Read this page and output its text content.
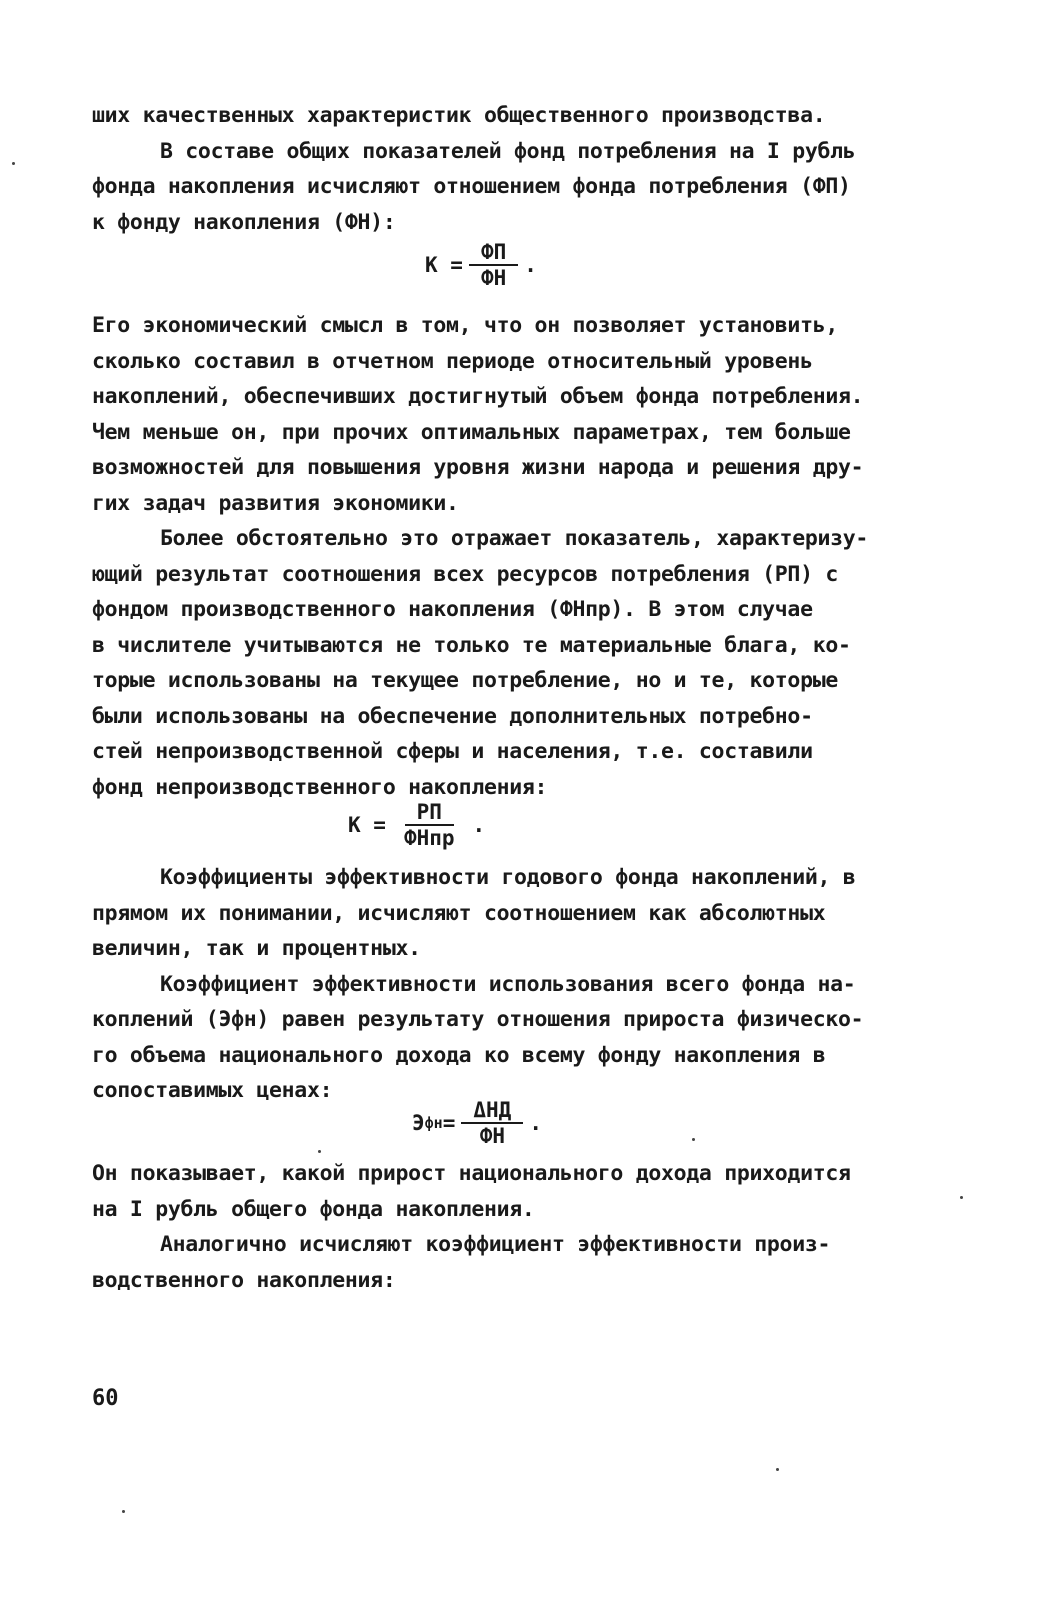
ших качественных характеристик общественного производства.
В составе общих показателей фонд потребления на I рубль
фонда накопления исчисляют отношением фонда потребления (ФП)
к фонду накопления (ФН):
$К = \frac{ФП}{ФН}$ .
Его экономический смысл в том, что он позволяет установить,
сколько составил в отчетном периоде относительный уровень
накоплений, обеспечивших достигнутый объем фонда потребления.
Чем меньше он, при прочих оптимальных параметрах, тем больше
возможностей для повышения уровня жизни народа и решения дру-
гих задач развития экономики.
Более обстоятельно это отражает показатель, характеризу-
ющий результат соотношения всех ресурсов потребления (РП) с
фондом производственного накопления (ФНпр). В этом случае
в числителе учитываются не только те материальные блага, ко-
торые использованы на текущее потребление, но и те, которые
были использованы на обеспечение дополнительных потребно-
стей непроизводственной сферы и населения, т.е. составили
фонд непроизводственного накопления:
$К = \frac{РП}{\text{ФНпр}}$ .
Коэффициенты эффективности годового фонда накоплений, в
прямом их понимании, исчисляют соотношением как абсолютных
величин, так и процентных.
Коэффициент эффективности использования всего фонда на-
коплений (Эфн) равен результату отношения прироста физическо-
го объема национального дохода ко всему фонду накопления в
сопоставимых ценах:
Э фн = $\frac{\text{ΔНД}}{ФН}$ .
Он показывает, какой прирост национального дохода приходится
на I рубль общего фонда накопления.
Аналогично исчисляют коэффициент эффективности произ-
водственного накопления:
60
